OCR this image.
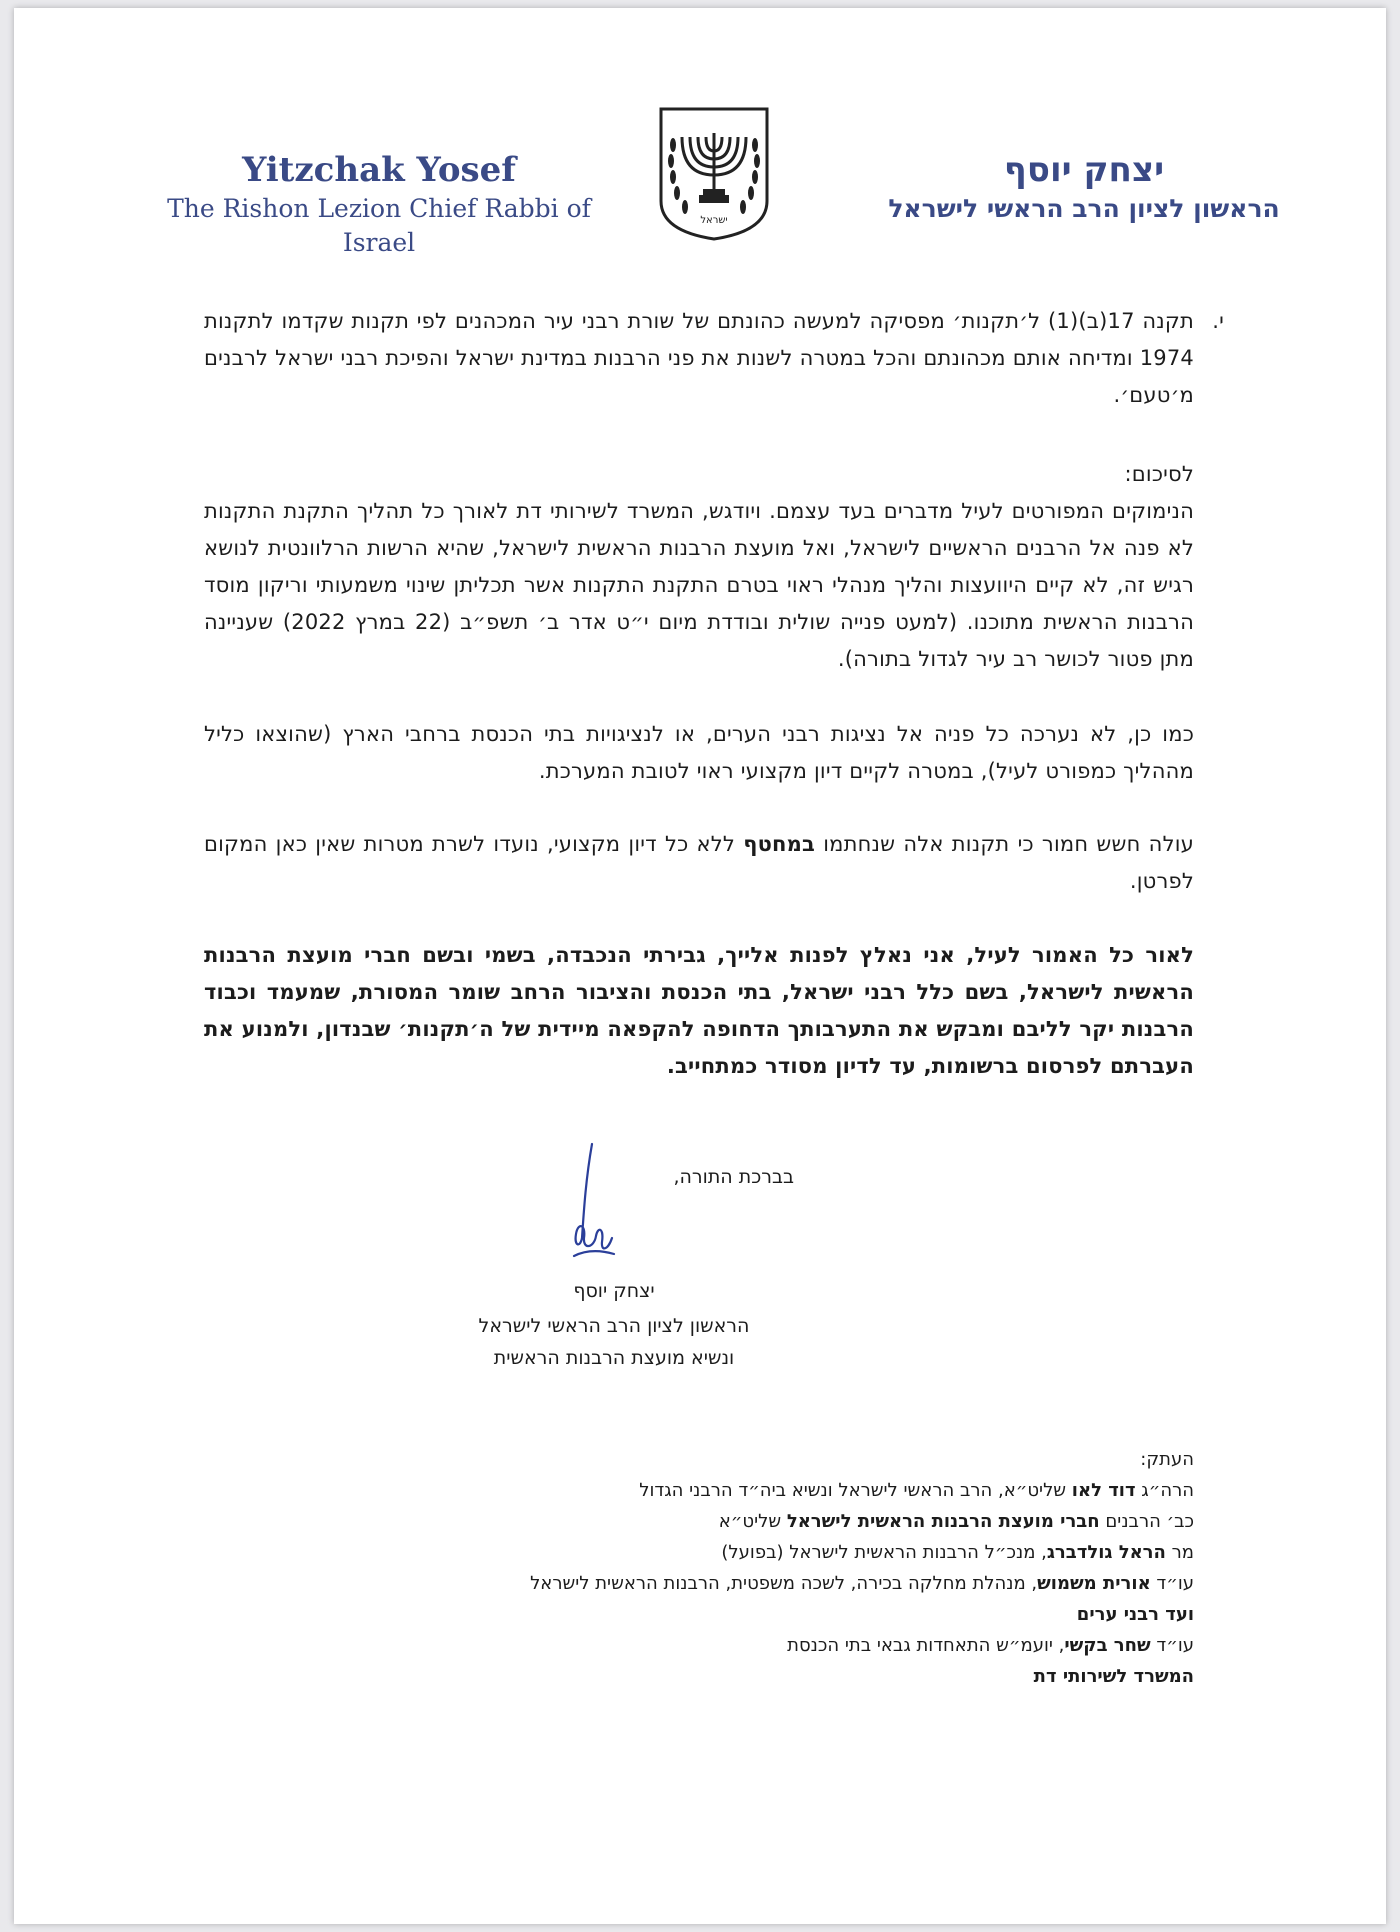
Yitzchak Yosef
The Rishon Lezion Chief Rabbi of Israel
ישראל
יצחק יוסף
הראשון לציון הרב הראשי לישראל
י.
תקנה 17(ב)(1) ל׳תקנות׳ מפסיקה למעשה כהונתם של שורת רבני עיר המכהנים לפי תקנות שקדמו לתקנות 1974 ומדיחה אותם מכהונתם והכל במטרה לשנות את פני הרבנות במדינת ישראל והפיכת רבני ישראל לרבנים מ׳טעם׳.
לסיכום:
הנימוקים המפורטים לעיל מדברים בעד עצמם. ויודגש, המשרד לשירותי דת לאורך כל תהליך התקנת התקנות לא פנה אל הרבנים הראשיים לישראל, ואל מועצת הרבנות הראשית לישראל, שהיא הרשות הרלוונטית לנושא רגיש זה, לא קיים היוועצות והליך מנהלי ראוי בטרם התקנת התקנות אשר תכליתן שינוי משמעותי וריקון מוסד הרבנות הראשית מתוכנו. (למעט פנייה שולית ובודדת מיום י״ט אדר ב׳ תשפ״ב (22 במרץ 2022) שעניינה מתן פטור לכושר רב עיר לגדול בתורה).
כמו כן, לא נערכה כל פניה אל נציגות רבני הערים, או לנציגויות בתי הכנסת ברחבי הארץ (שהוצאו כליל מההליך כמפורט לעיל), במטרה לקיים דיון מקצועי ראוי לטובת המערכת.
עולה חשש חמור כי תקנות אלה שנחתמו במחטף ללא כל דיון מקצועי, נועדו לשרת מטרות שאין כאן המקום לפרטן.
לאור כל האמור לעיל, אני נאלץ לפנות אלייך, גבירתי הנכבדה, בשמי ובשם חברי מועצת הרבנות הראשית לישראל, בשם כלל רבני ישראל, בתי הכנסת והציבור הרחב שומר המסורת, שמעמד וכבוד הרבנות יקר לליבם ומבקש את התערבותך הדחופה להקפאה מיידית של ה׳תקנות׳ שבנדון, ולמנוע את העברתם לפרסום ברשומות, עד לדיון מסודר כמתחייב.
בברכת התורה,
יצחק יוסף
הראשון לציון הרב הראשי לישראל
ונשיא מועצת הרבנות הראשית
העתק:
הרה״ג דוד לאו שליט״א, הרב הראשי לישראל ונשיא ביה״ד הרבני הגדול
כב׳ הרבנים חברי מועצת הרבנות הראשית לישראל שליט״א
מר הראל גולדברג, מנכ״ל הרבנות הראשית לישראל (בפועל)
עו״ד אורית משמוש, מנהלת מחלקה בכירה, לשכה משפטית, הרבנות הראשית לישראל
ועד רבני ערים
עו״ד שחר בקשי, יועמ״ש התאחדות גבאי בתי הכנסת
המשרד לשירותי דת
